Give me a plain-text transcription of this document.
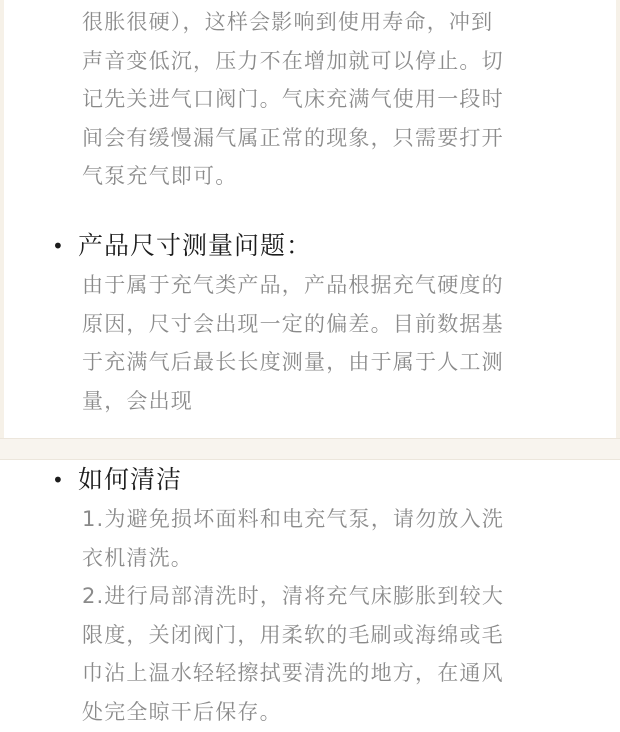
很胀很硬），这样会影响到使用寿命，冲到
声音变低沉，压力不在增加就可以停止。切
记先关进气口阀门。气床充满气使用一段时
间会有缓慢漏气属正常的现象，只需要打开
气泵充气即可。

• 产品尺寸测量问题：

由于属于充气类产品，产品根据充气硬度的
原因，尺寸会出现一定的偏差。目前数据基
于充满气后最长长度测量，由于属于人工测
量，会出现

• 如何清洁

1.为避免损坏面料和电充气泵，请勿放入洗
衣机清洗。
2.进行局部清洗时，清将充气床膨胀到较大
限度，关闭阀门，用柔软的毛刷或海绵或毛
巾沾上温水轻轻擦拭要清洗的地方，在通风
处完全晾干后保存。
